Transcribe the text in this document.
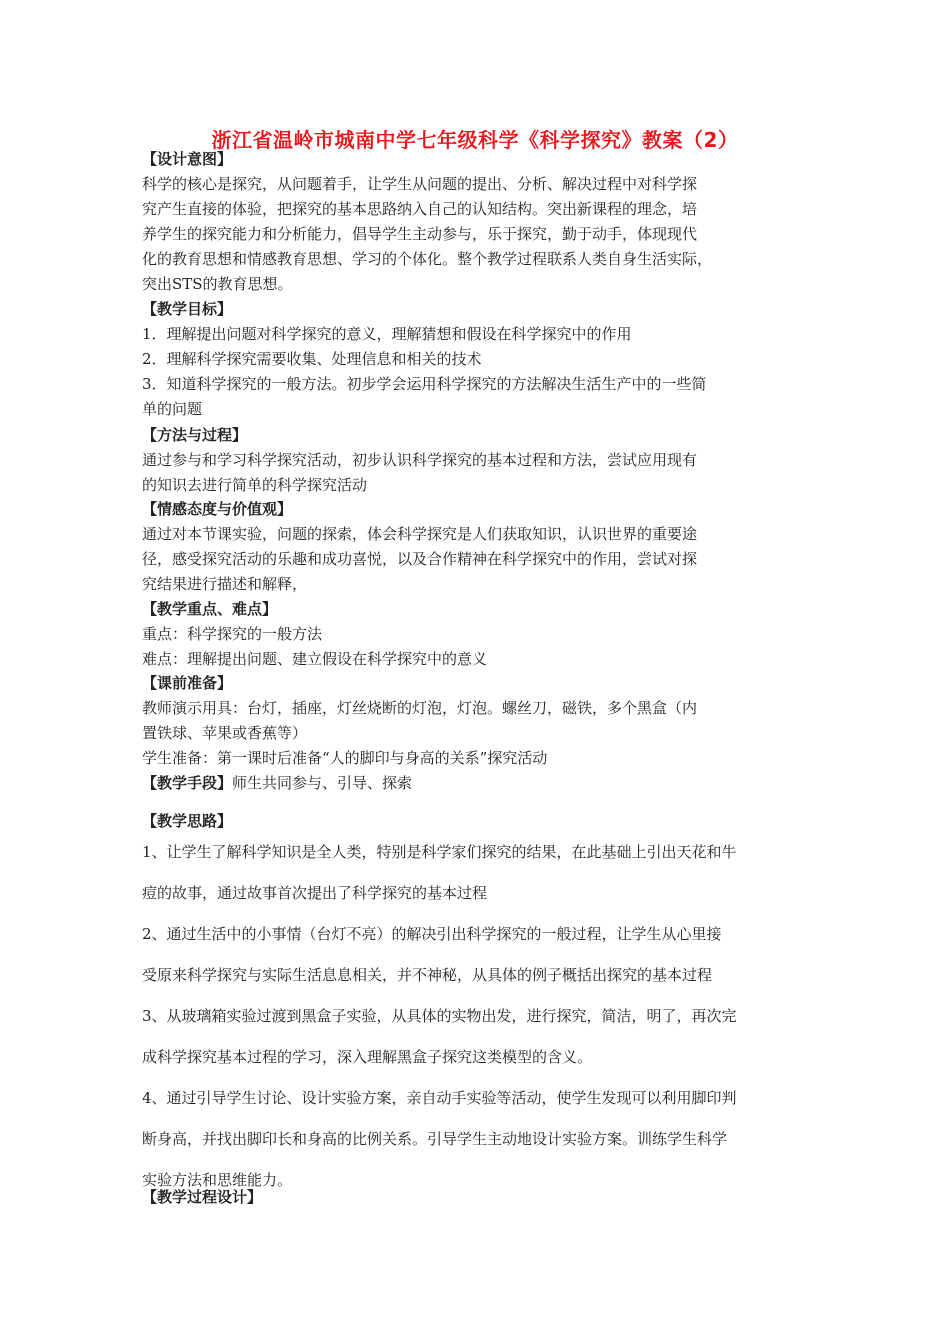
浙江省温岭市城南中学七年级科学《科学探究》教案（2）
【设计意图】
科学的核心是探究，从问题着手，让学生从问题的提出、分析、解决过程中对科学探
究产生直接的体验，把探究的基本思路纳入自己的认知结构。突出新课程的理念，培
养学生的探究能力和分析能力，倡导学生主动参与，乐于探究，勤于动手，体现现代
化的教育思想和情感教育思想、学习的个体化。整个教学过程联系人类自身生活实际，
突出STS的教育思想。
【教学目标】
1．理解提出问题对科学探究的意义，理解猜想和假设在科学探究中的作用
2．理解科学探究需要收集、处理信息和相关的技术
3．知道科学探究的一般方法。初步学会运用科学探究的方法解决生活生产中的一些简
单的问题
【方法与过程】
通过参与和学习科学探究活动，初步认识科学探究的基本过程和方法，尝试应用现有
的知识去进行简单的科学探究活动
【情感态度与价值观】
通过对本节课实验，问题的探索，体会科学探究是人们获取知识，认识世界的重要途
径，感受探究活动的乐趣和成功喜悦，以及合作精神在科学探究中的作用，尝试对探
究结果进行描述和解释，
【教学重点、难点】
重点：科学探究的一般方法
难点：理解提出问题、建立假设在科学探究中的意义
【课前准备】
教师演示用具：台灯，插座，灯丝烧断的灯泡，灯泡。螺丝刀，磁铁，多个黑盒（内
置铁球、苹果或香蕉等）
学生准备：第一课时后准备“人的脚印与身高的关系”探究活动
【教学手段】师生共同参与、引导、探索
【教学思路】
1、让学生了解科学知识是全人类，特别是科学家们探究的结果，在此基础上引出天花和牛
痘的故事，通过故事首次提出了科学探究的基本过程
2、通过生活中的小事情（台灯不亮）的解决引出科学探究的一般过程，让学生从心里接
受原来科学探究与实际生活息息相关，并不神秘，从具体的例子概括出探究的基本过程
3、从玻璃箱实验过渡到黑盒子实验，从具体的实物出发，进行探究，简洁，明了，再次完
成科学探究基本过程的学习，深入理解黑盒子探究这类模型的含义。
4、通过引导学生讨论、设计实验方案，亲自动手实验等活动，使学生发现可以利用脚印判
断身高，并找出脚印长和身高的比例关系。引导学生主动地设计实验方案。训练学生科学
实验方法和思维能力。
【教学过程设计】
